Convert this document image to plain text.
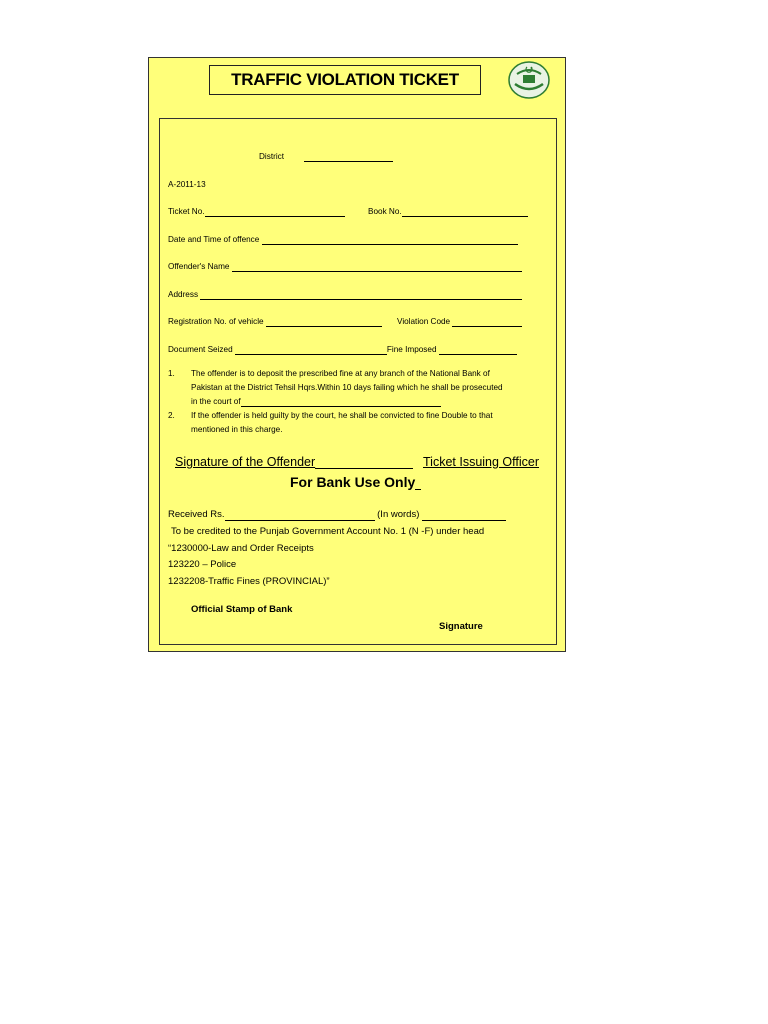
TRAFFIC VIOLATION TICKET
District
A-2011-13
Ticket No.	Book No.
Date and Time of offence
Offender's Name
Address
Registration No. of vehicle	Violation Code
Document Seized	Fine Imposed
1. The offender is to deposit the prescribed fine at any branch of the National Bank of
Pakistan at the District Tehsil Hqrs.Within 10 days failing which he shall be prosecuted
in the court of
2. If the offender is held guilty by the court, he shall be convicted to fine Double to that
mentioned in this charge.
Signature of the Offender	Ticket Issuing Officer
For Bank Use Only
Received Rs.	(In words)
To be credited to the Punjab Government Account No. 1 (N -F) under head
“1230000-Law and Order Receipts
123220 – Police
1232208-Traffic Fines (PROVINCIAL)”
Official Stamp of Bank
Signature
